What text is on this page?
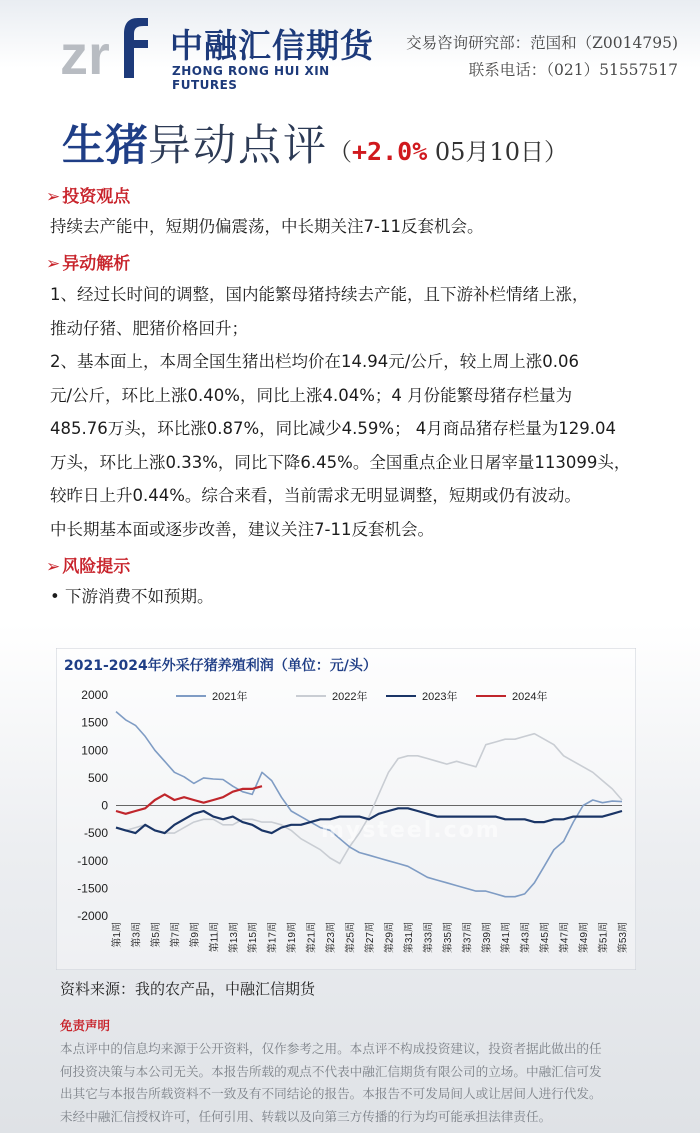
zr 中融汇信期货
ZHONG RONG HUI XIN FUTURES
交易咨询研究部：范国和（Z0014795)
联系电话：（021）51557517
生猪异动点评（+2.0% 05月10日）
➢ 投资观点
持续去产能中，短期仍偏震荡，中长期关注7-11反套机会。
➢ 异动解析
1、经过长时间的调整，国内能繁母猪持续去产能，且下游补栏情绪上涨，
推动仔猪、肥猪价格回升；
2、基本面上，本周全国生猪出栏均价在14.94元/公斤，较上周上涨0.06
元/公斤，环比上涨0.40%，同比上涨4.04%；4 月份能繁母猪存栏量为
485.76万头，环比涨0.87%，同比减少4.59%； 4月商品猪存栏量为129.04
万头，环比上涨0.33%，同比下降6.45%。全国重点企业日屠宰量113099头，
较昨日上升0.44%。综合来看，当前需求无明显调整，短期或仍有波动。
中长期基本面或逐步改善，建议关注7-11反套机会。
➢ 风险提示
• 下游消费不如预期。
2000
1500
1000
500
0
-500
-1000
-1500
-2000
第1周 第3周 第5周 第7周 第9周 第11周 第13周 第15周 第17周 第19周 第21周 第23周 第25周 第27周 第29周 第31周 第33周 第35周 第37周 第39周 第41周 第43周 第45周 第47周 第49周 第51周 第53周
2021年	2022年	2023年	2024年
2021-2024年外采仔猪养殖利润（单位：元/头）
mysteel.com
资料来源：我的农产品，中融汇信期货
免责声明
本点评中的信息均来源于公开资料，仅作参考之用。本点评不构成投资建议，投资者据此做出的任
何投资决策与本公司无关。本报告所载的观点不代表中融汇信期货有限公司的立场。中融汇信可发
出其它与本报告所载资料不一致及有不同结论的报告。本报告不可发局间人或让居间人进行代发。
未经中融汇信授权许可，任何引用、转载以及向第三方传播的行为均可能承担法律责任。
